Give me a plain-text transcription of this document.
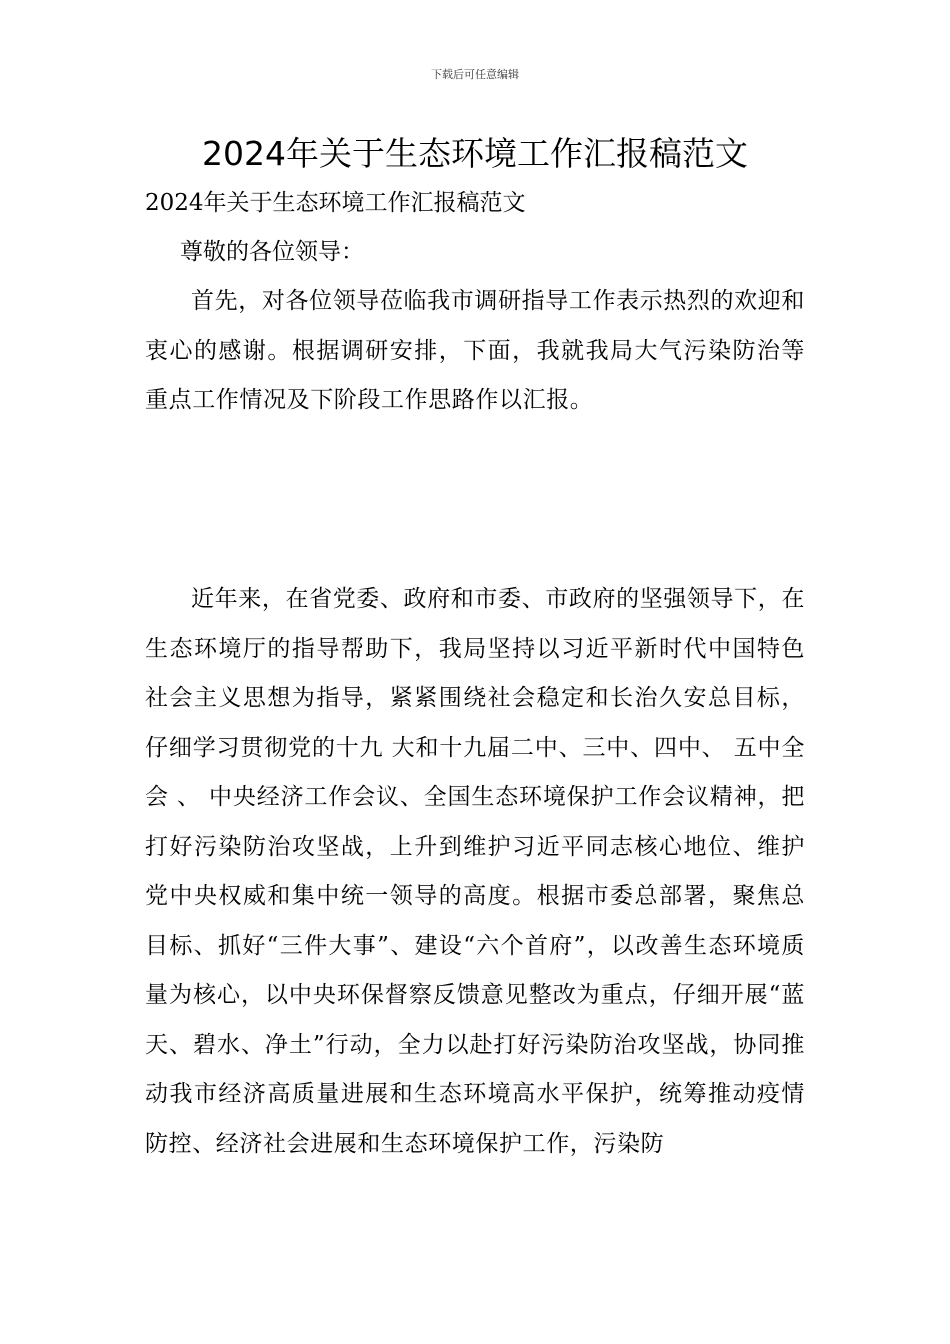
下载后可任意编辑
2024年关于生态环境工作汇报稿范文
2024年关于生态环境工作汇报稿范文
尊敬的各位领导：

首先，对各位领导莅临我市调研指导工作表示热烈的欢迎和衷心的感谢。根据调研安排，下面，我就我局大气污染防治等重点工作情况及下阶段工作思路作以汇报。

近年来，在省党委、政府和市委、市政府的坚强领导下，在生态环境厅的指导帮助下，我局坚持以习近平新时代中国特色社会主义思想为指导，紧紧围绕社会稳定和长治久安总目标，仔细学习贯彻党的十九 大和十九届二中、三中、四中、 五中全会 、 中央经济工作会议、全国生态环境保护工作会议精神，把打好污染防治攻坚战，上升到维护习近平同志核心地位、维护党中央权威和集中统一领导的高度。根据市委总部署，聚焦总目标、抓好“三件大事”、建设“六个首府”，以改善生态环境质量为核心，以中央环保督察反馈意见整改为重点，仔细开展“蓝天、碧水、净土”行动，全力以赴打好污染防治攻坚战，协同推动我市经济高质量进展和生态环境高水平保护，统筹推动疫情防控、经济社会进展和生态环境保护工作，污染防
